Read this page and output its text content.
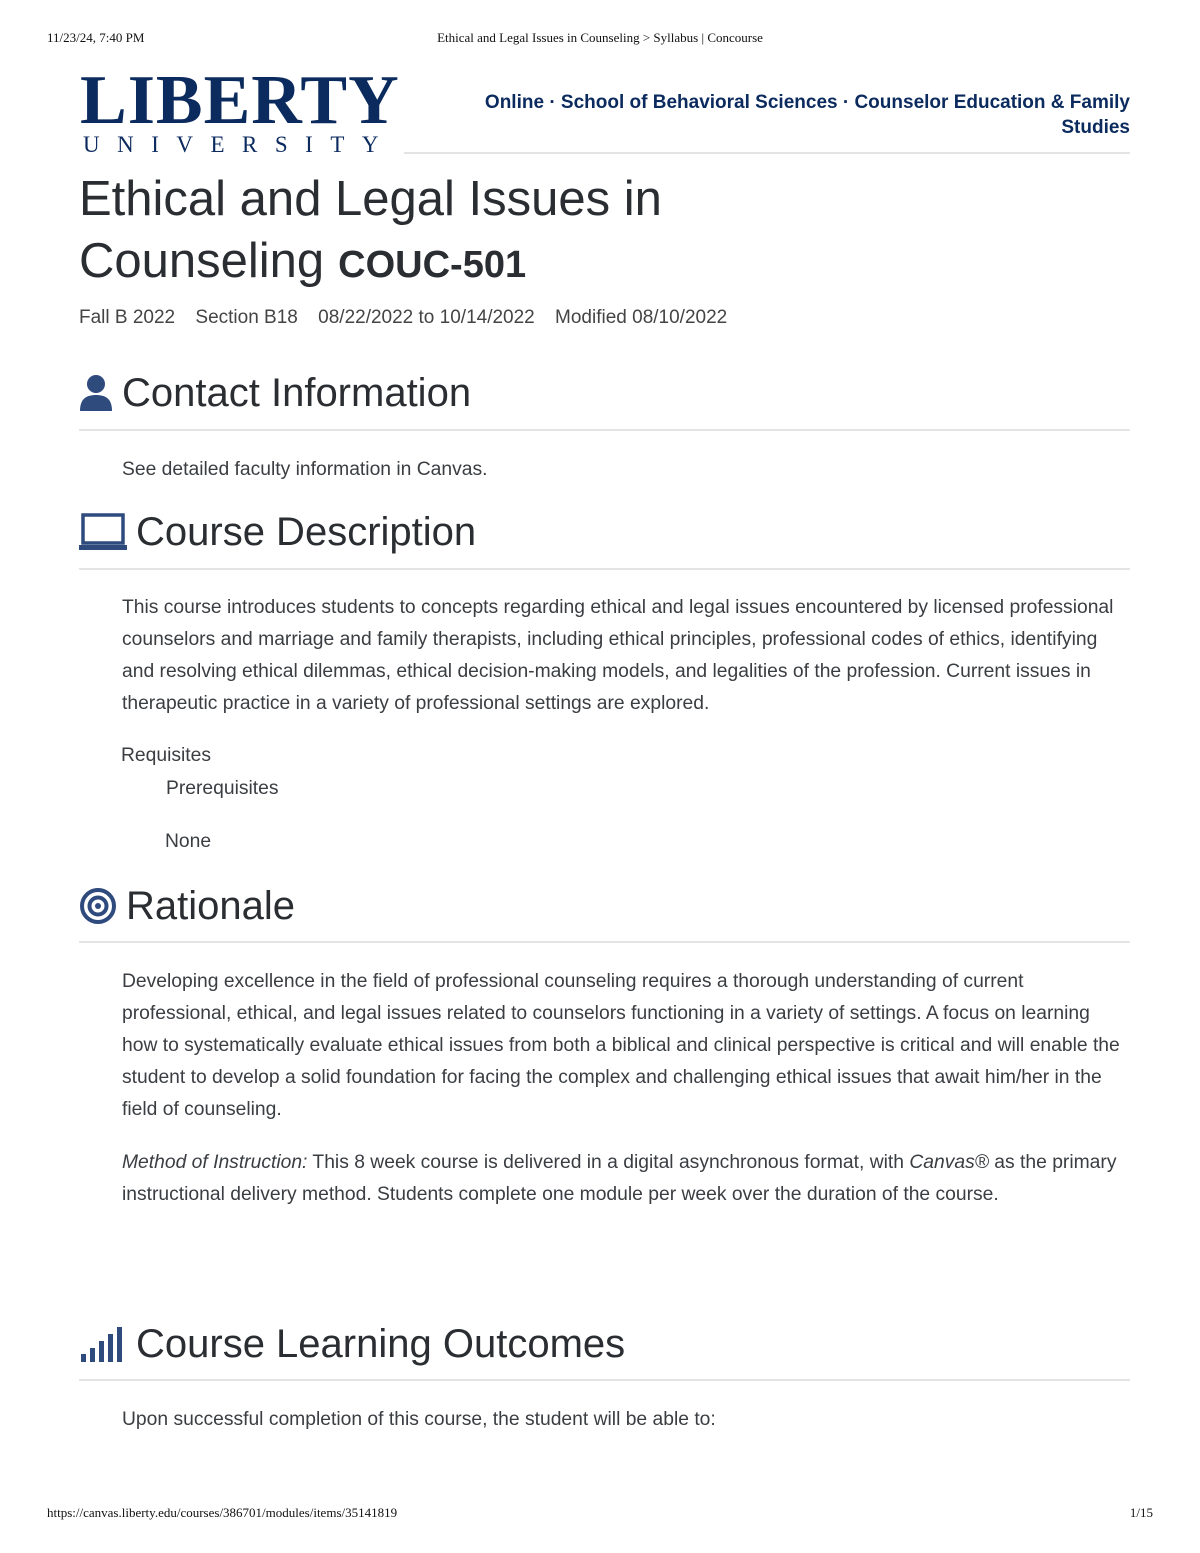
11/23/24, 7:40 PM	Ethical and Legal Issues in Counseling > Syllabus | Concourse
LIBERTY
UNIVERSITY
Online · School of Behavioral Sciences · Counselor Education & Family Studies
Ethical and Legal Issues in Counseling COUC-501
Fall B 2022 Section B18 08/22/2022 to 10/14/2022 Modified 08/10/2022
Contact Information

See detailed faculty information in Canvas.

Course Description

This course introduces students to concepts regarding ethical and legal issues encountered by licensed professional counselors and marriage and family therapists, including ethical principles, professional codes of ethics, identifying and resolving ethical dilemmas, ethical decision-making models, and legalities of the profession. Current issues in therapeutic practice in a variety of professional settings are explored.

Requisites
Prerequisites
None
Rationale

Developing excellence in the field of professional counseling requires a thorough understanding of current professional, ethical, and legal issues related to counselors functioning in a variety of settings. A focus on learning how to systematically evaluate ethical issues from both a biblical and clinical perspective is critical and will enable the student to develop a solid foundation for facing the complex and challenging ethical issues that await him/her in the field of counseling.

Method of Instruction: This 8 week course is delivered in a digital asynchronous format, with Canvas® as the primary instructional delivery method. Students complete one module per week over the duration of the course.

Course Learning Outcomes

Upon successful completion of this course, the student will be able to:

https://canvas.liberty.edu/courses/386701/modules/items/35141819	1/15
